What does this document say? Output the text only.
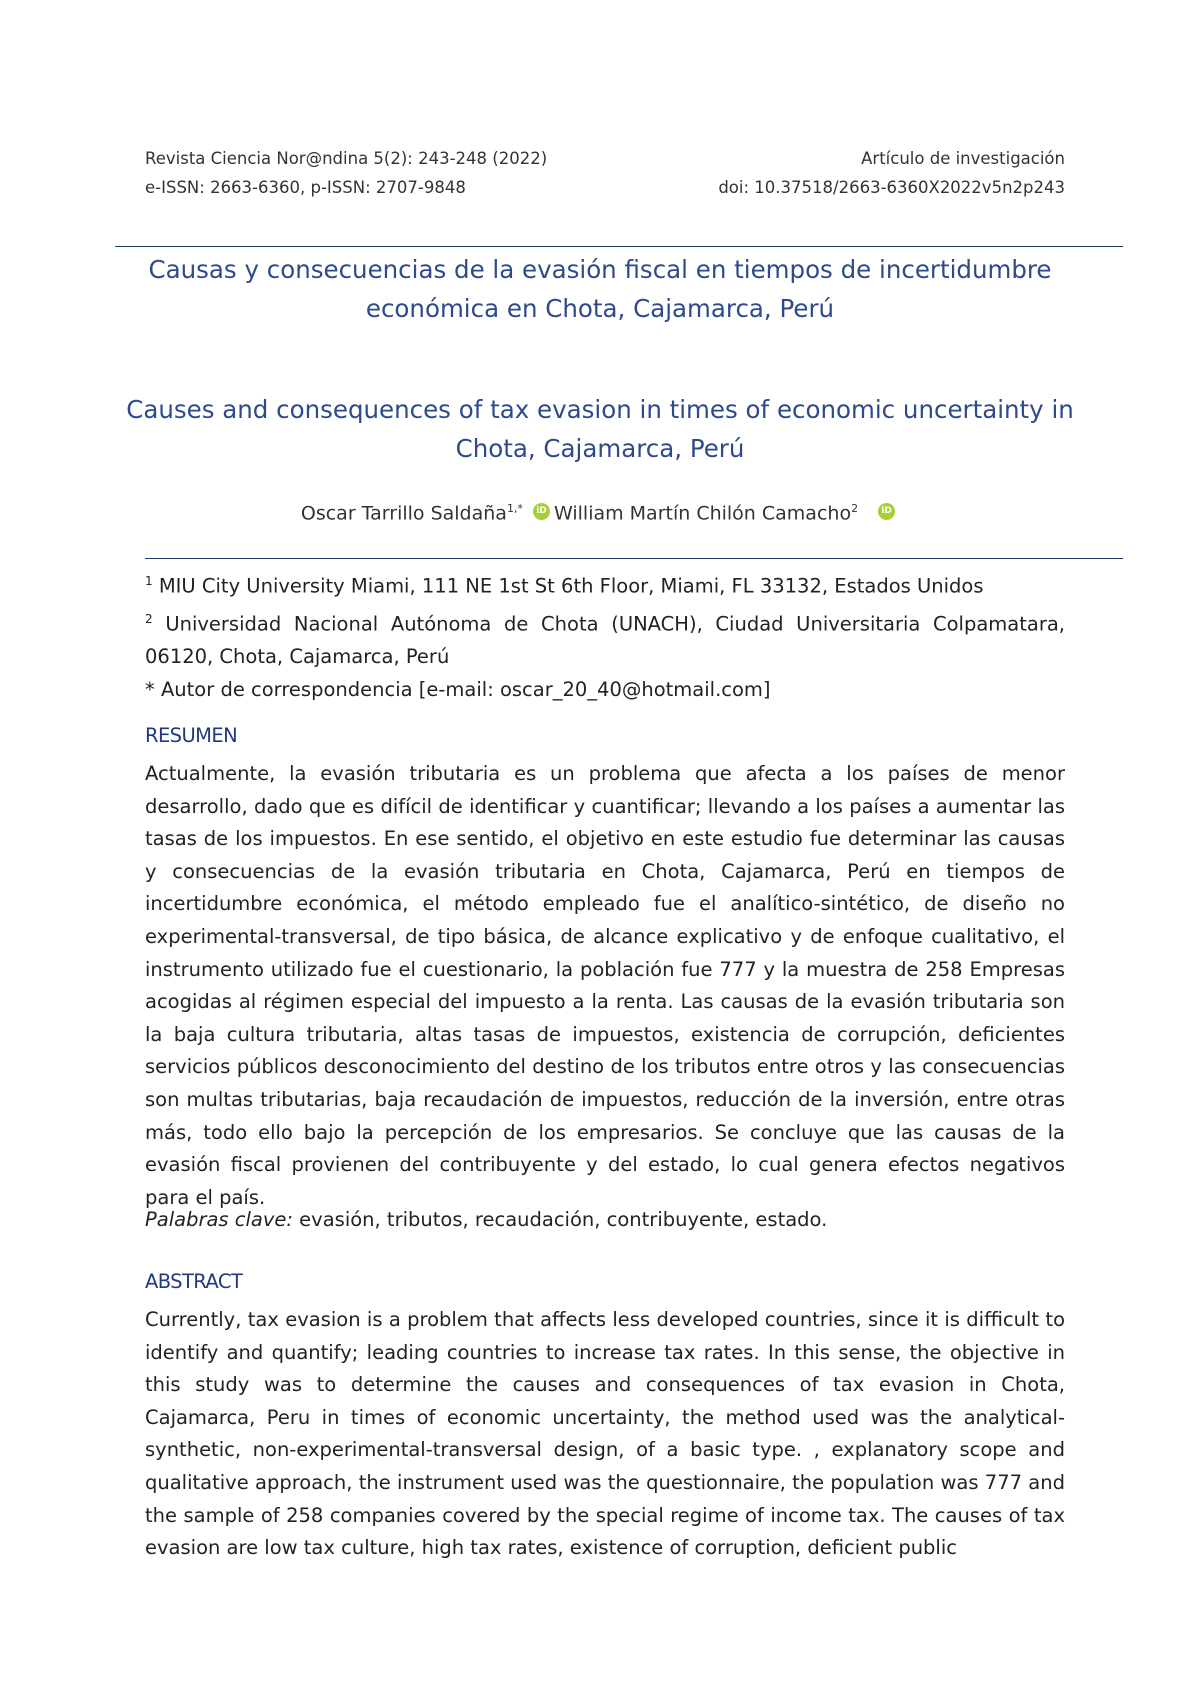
Revista Ciencia Nor@ndina 5(2): 243-248 (2022)	Artículo de investigación
e-ISSN: 2663-6360, p-ISSN: 2707-9848	doi: 10.37518/2663-6360X2022v5n2p243
Causas y consecuencias de la evasión fiscal en tiempos de incertidumbre
económica en Chota, Cajamarca, Perú
Causes and consequences of tax evasion in times of economic uncertainty in
Chota, Cajamarca, Perú
Oscar Tarrillo Saldaña$^{1,*}$ iD William Martín Chilón Camacho$^2$	iD

$^1$ MIU City University Miami, 111 NE 1st St 6th Floor, Miami, FL 33132, Estados Unidos

$^2$ Universidad Nacional Autónoma de Chota (UNACH), Ciudad Universitaria Colpamatara, 06120, Chota, Cajamarca, Perú

* Autor de correspondencia [e-mail: oscar_20_40@hotmail.com]

RESUMEN

Actualmente, la evasión tributaria es un problema que afecta a los países de menor desarrollo, dado que es difícil de identificar y cuantificar; llevando a los países a aumentar las tasas de los impuestos. En ese sentido, el objetivo en este estudio fue determinar las causas y consecuencias de la evasión tributaria en Chota, Cajamarca, Perú en tiempos de incertidumbre económica, el método empleado fue el analítico-sintético, de diseño no experimental-transversal, de tipo básica, de alcance explicativo y de enfoque cualitativo, el instrumento utilizado fue el cuestionario, la población fue 777 y la muestra de 258 Empresas acogidas al régimen especial del impuesto a la renta. Las causas de la evasión tributaria son la baja cultura tributaria, altas tasas de impuestos, existencia de corrupción, deficientes servicios públicos desconocimiento del destino de los tributos entre otros y las consecuencias son multas tributarias, baja recaudación de impuestos, reducción de la inversión, entre otras más, todo ello bajo la percepción de los empresarios. Se concluye que las causas de la evasión fiscal provienen del contribuyente y del estado, lo cual genera efectos negativos para el país.

Palabras clave: evasión, tributos, recaudación, contribuyente, estado.
ABSTRACT

Currently, tax evasion is a problem that affects less developed countries, since it is difficult to identify and quantify; leading countries to increase tax rates. In this sense, the objective in this study was to determine the causes and consequences of tax evasion in Chota, Cajamarca, Peru in times of economic uncertainty, the method used was the analytical-synthetic, non-experimental-transversal design, of a basic type. , explanatory scope and qualitative approach, the instrument used was the questionnaire, the population was 777 and the sample of 258 companies covered by the special regime of income tax. The causes of tax evasion are low tax culture, high tax rates, existence of corruption, deficient public
